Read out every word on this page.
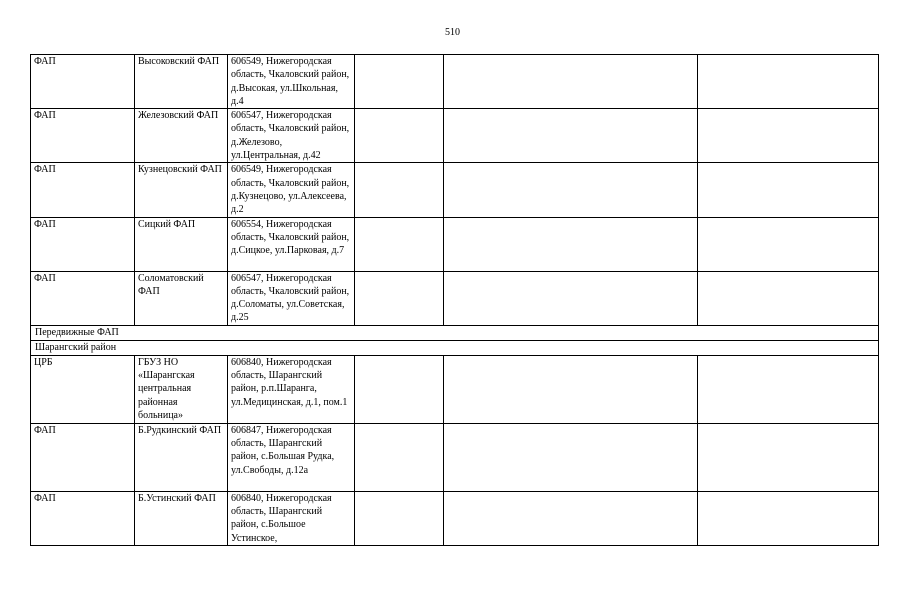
510
ФАП	Высоковский ФАП	606549, Нижегородская область, Чкаловский район, д.Высокая, ул.Школьная, д.4			
ФАП	Железовский ФАП	606547, Нижегородская область, Чкаловский район, д.Железово, ул.Центральная, д.42			
ФАП	Кузнецовский ФАП	606549, Нижегородская область, Чкаловский район, д.Кузнецово, ул.Алексеева, д.2			
ФАП	Сицкий ФАП	606554, Нижегородская область, Чкаловский район, д.Сицкое, ул.Парковая, д.7			
ФАП	Соломатовский ФАП	606547, Нижегородская область, Чкаловский район, д.Соломаты, ул.Советская, д.25			
Передвижные ФАП					
Шарангский район					
ЦРБ	ГБУЗ НО «Шарангская центральная районная больница»	606840, Нижегородская область, Шарангский район, р.п.Шаранга, ул.Медицинская, д.1, пом.1			
ФАП	Б.Рудкинский ФАП	606847, Нижегородская область, Шарангский район, с.Большая Рудка, ул.Свободы, д.12а			
ФАП	Б.Устинский ФАП	606840, Нижегородская область, Шарангский район, с.Большое Устинское,			
